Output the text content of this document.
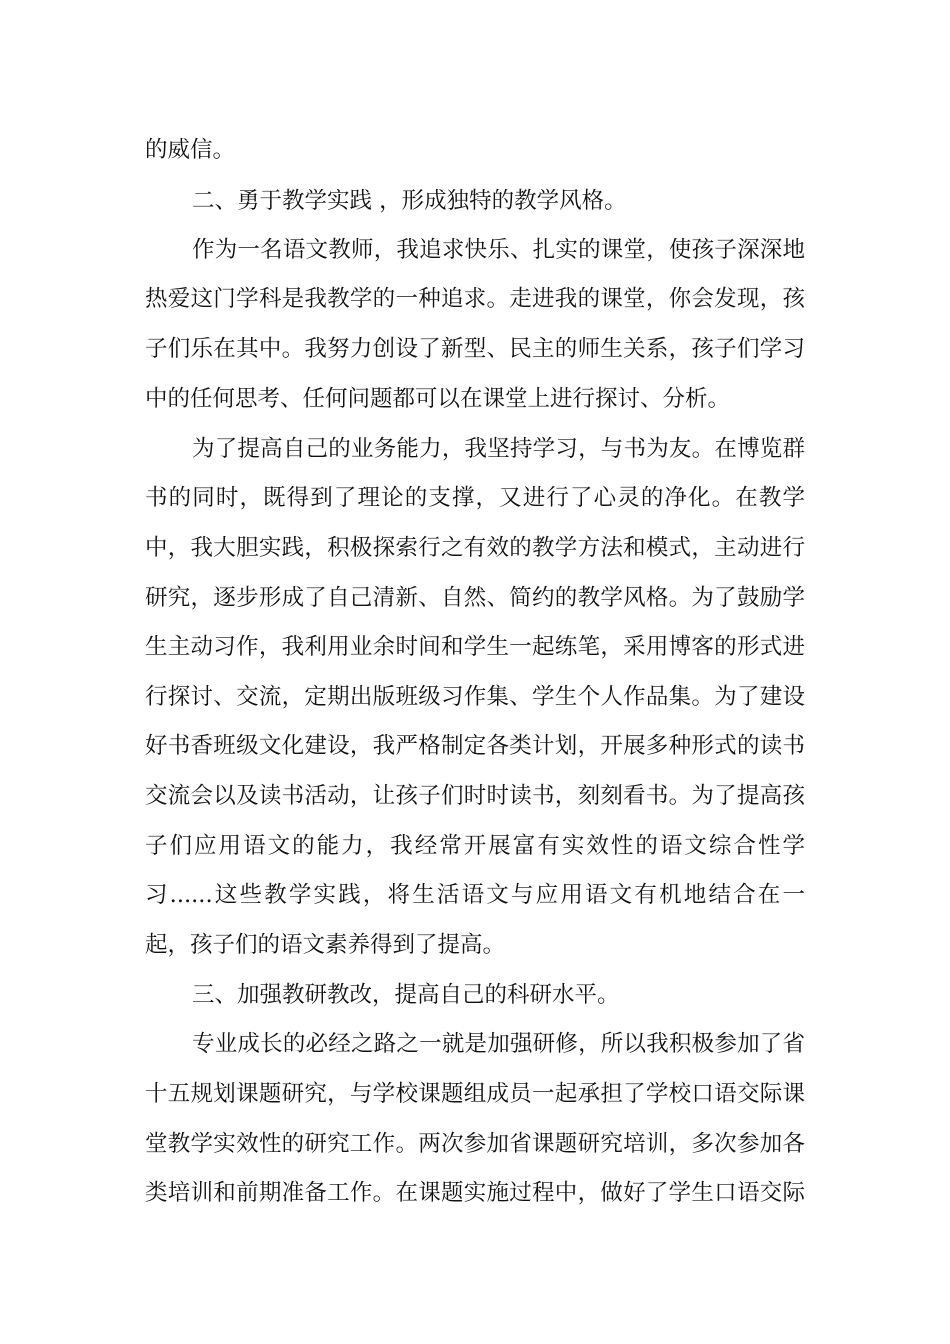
的威信。
二、勇于教学实践 ，形成独特的教学风格。
作为一名语文教师，我追求快乐、扎实的课堂，使孩子深深地
热爱这门学科是我教学的一种追求。走进我的课堂，你会发现，孩
子们乐在其中。我努力创设了新型、民主的师生关系，孩子们学习
中的任何思考、任何问题都可以在课堂上进行探讨、分析。
为了提高自己的业务能力，我坚持学习，与书为友。在博览群
书的同时，既得到了理论的支撑，又进行了心灵的净化。在教学
中，我大胆实践，积极探索行之有效的教学方法和模式，主动进行
研究，逐步形成了自己清新、自然、简约的教学风格。为了鼓励学
生主动习作，我利用业余时间和学生一起练笔，采用博客的形式进
行探讨、交流，定期出版班级习作集、学生个人作品集。为了建设
好书香班级文化建设，我严格制定各类计划，开展多种形式的读书
交流会以及读书活动，让孩子们时时读书，刻刻看书。为了提高孩
子们应用语文的能力，我经常开展富有实效性的语文综合性学
习......这些教学实践，将生活语文与应用语文有机地结合在一
起，孩子们的语文素养得到了提高。
三、加强教研教改，提高自己的科研水平。
专业成长的必经之路之一就是加强研修，所以我积极参加了省
十五规划课题研究，与学校课题组成员一起承担了学校口语交际课
堂教学实效性的研究工作。两次参加省课题研究培训，多次参加各
类培训和前期准备工作。在课题实施过程中，做好了学生口语交际
